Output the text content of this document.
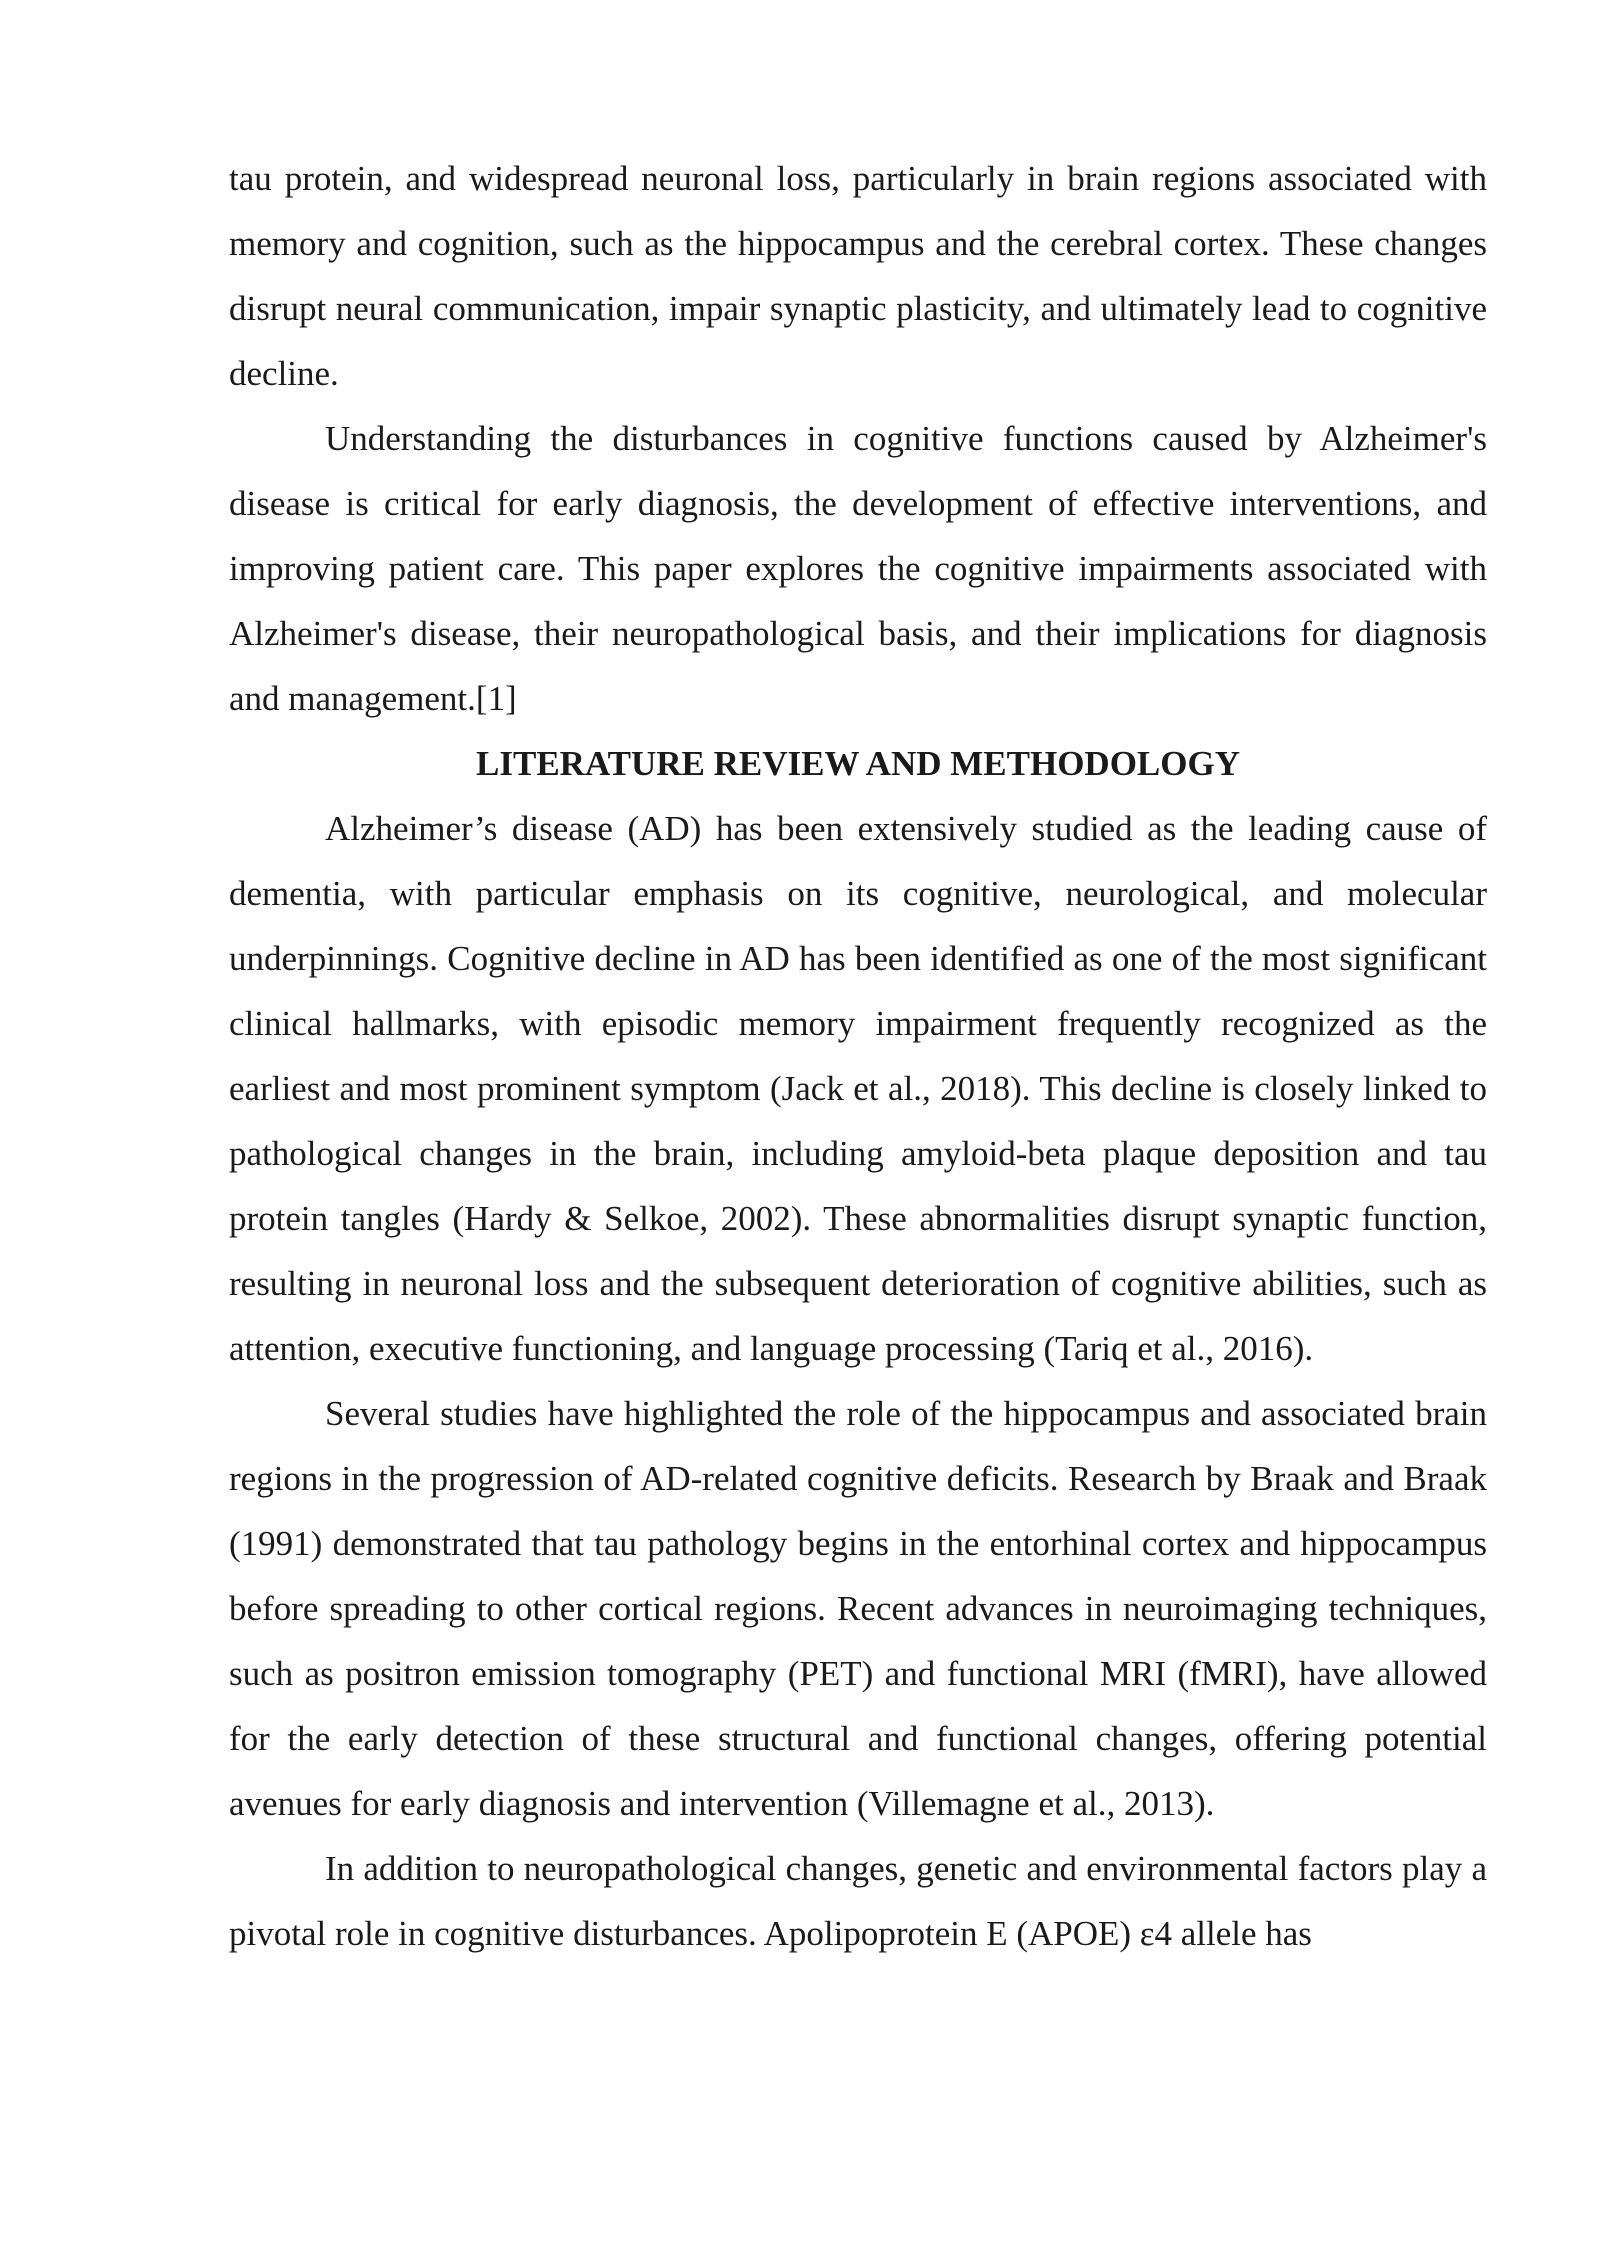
tau protein, and widespread neuronal loss, particularly in brain regions associated with memory and cognition, such as the hippocampus and the cerebral cortex. These changes disrupt neural communication, impair synaptic plasticity, and ultimately lead to cognitive decline.

Understanding the disturbances in cognitive functions caused by Alzheimer's disease is critical for early diagnosis, the development of effective interventions, and improving patient care. This paper explores the cognitive impairments associated with Alzheimer's disease, their neuropathological basis, and their implications for diagnosis and management.[1]

LITERATURE REVIEW AND METHODOLOGY

Alzheimer’s disease (AD) has been extensively studied as the leading cause of dementia, with particular emphasis on its cognitive, neurological, and molecular underpinnings. Cognitive decline in AD has been identified as one of the most significant clinical hallmarks, with episodic memory impairment frequently recognized as the earliest and most prominent symptom (Jack et al., 2018). This decline is closely linked to pathological changes in the brain, including amyloid-beta plaque deposition and tau protein tangles (Hardy & Selkoe, 2002). These abnormalities disrupt synaptic function, resulting in neuronal loss and the subsequent deterioration of cognitive abilities, such as attention, executive functioning, and language processing (Tariq et al., 2016).

Several studies have highlighted the role of the hippocampus and associated brain regions in the progression of AD-related cognitive deficits. Research by Braak and Braak (1991) demonstrated that tau pathology begins in the entorhinal cortex and hippocampus before spreading to other cortical regions. Recent advances in neuroimaging techniques, such as positron emission tomography (PET) and functional MRI (fMRI), have allowed for the early detection of these structural and functional changes, offering potential avenues for early diagnosis and intervention (Villemagne et al., 2013).

In addition to neuropathological changes, genetic and environmental factors play a pivotal role in cognitive disturbances. Apolipoprotein E (APOE) ε4 allele has
